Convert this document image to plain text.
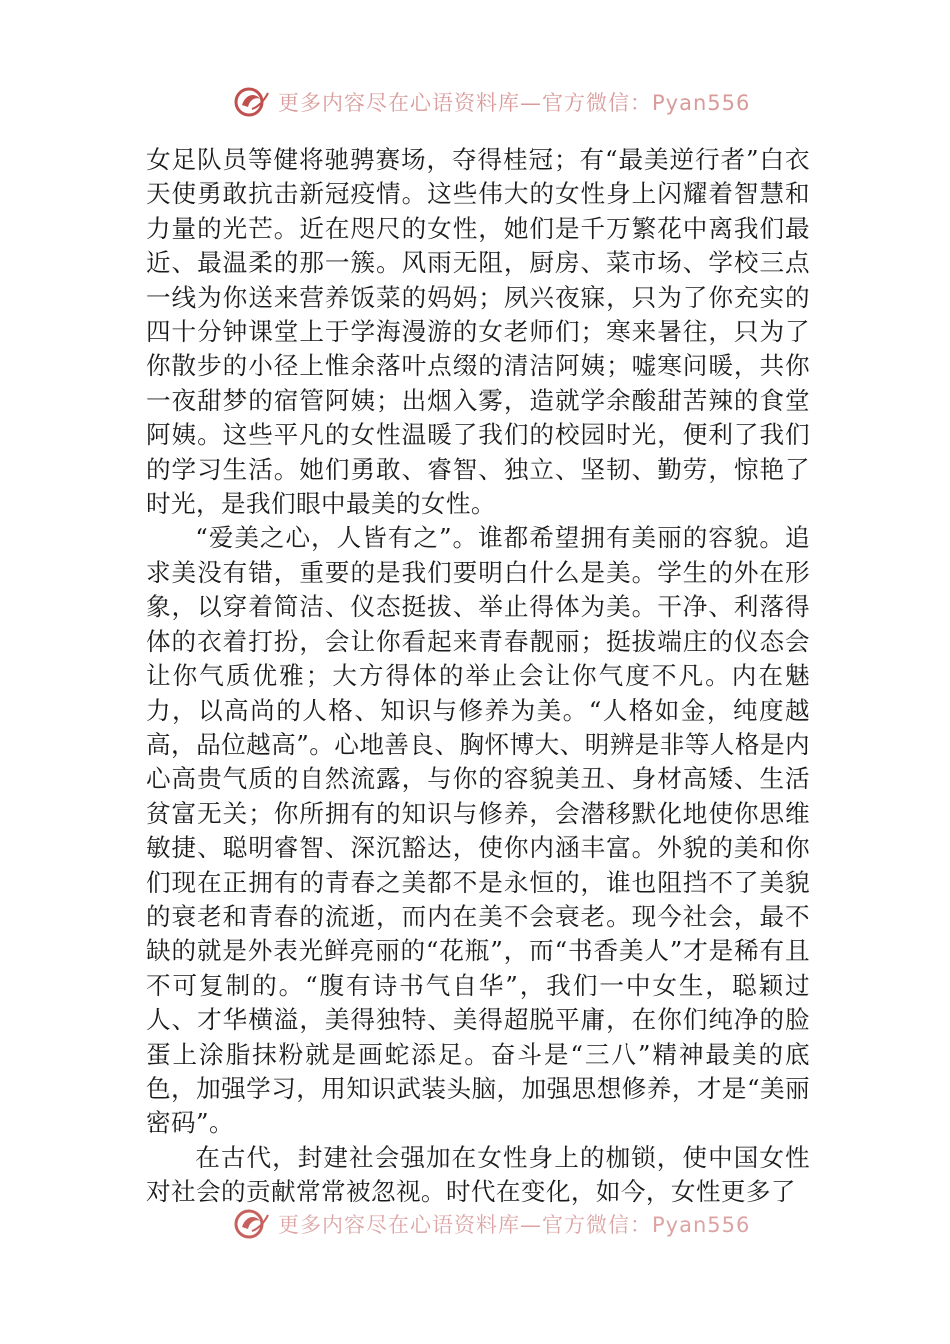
更多内容尽在心语资料库—官方微信：Pyan556

女足队员等健将驰骋赛场，夺得桂冠；有“最美逆行者”白衣天使勇敢抗击新冠疫情。这些伟大的女性身上闪耀着智慧和力量的光芒。近在咫尺的女性，她们是千万繁花中离我们最近、最温柔的那一簇。风雨无阻，厨房、菜市场、学校三点一线为你送来营养饭菜的妈妈；夙兴夜寐，只为了你充实的四十分钟课堂上于学海漫游的女老师们；寒来暑往，只为了你散步的小径上惟余落叶点缀的清洁阿姨；嘘寒问暖，共你一夜甜梦的宿管阿姨；出烟入雾，造就学余酸甜苦辣的食堂阿姨。这些平凡的女性温暖了我们的校园时光，便利了我们的学习生活。她们勇敢、睿智、独立、坚韧、勤劳，惊艳了时光，是我们眼中最美的女性。

“爱美之心，人皆有之”。谁都希望拥有美丽的容貌。追求美没有错，重要的是我们要明白什么是美。学生的外在形象，以穿着简洁、仪态挺拔、举止得体为美。干净、利落得体的衣着打扮，会让你看起来青春靓丽；挺拔端庄的仪态会让你气质优雅；大方得体的举止会让你气度不凡。内在魅力，以高尚的人格、知识与修养为美。“人格如金，纯度越高，品位越高”。心地善良、胸怀博大、明辨是非等人格是内心高贵气质的自然流露，与你的容貌美丑、身材高矮、生活贫富无关；你所拥有的知识与修养，会潜移默化地使你思维敏捷、聪明睿智、深沉豁达，使你内涵丰富。外貌的美和你们现在正拥有的青春之美都不是永恒的，谁也阻挡不了美貌的衰老和青春的流逝，而内在美不会衰老。现今社会，最不缺的就是外表光鲜亮丽的“花瓶”，而“书香美人”才是稀有且不可复制的。“腹有诗书气自华”，我们一中女生，聪颖过人、才华横溢，美得独特、美得超脱平庸，在你们纯净的脸蛋上涂脂抹粉就是画蛇添足。奋斗是“三八”精神最美的底色，加强学习，用知识武装头脑，加强思想修养，才是“美丽密码”。

在古代，封建社会强加在女性身上的枷锁，使中国女性对社会的贡献常常被忽视。时代在变化，如今，女性更多了

更多内容尽在心语资料库—官方微信：Pyan556
